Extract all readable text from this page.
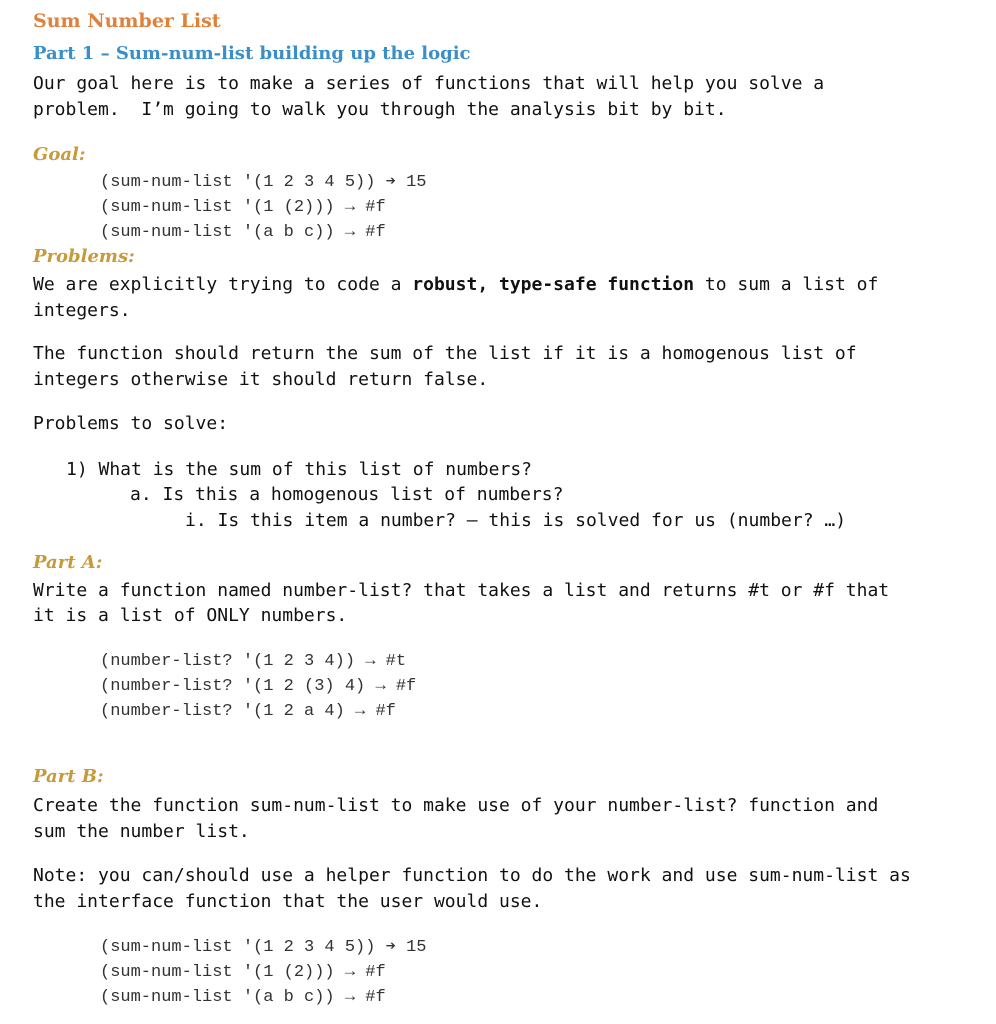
Sum Number List
Part 1 – Sum-num-list building up the logic
Our goal here is to make a series of functions that will help you solve a
problem.  I’m going to walk you through the analysis bit by bit.
Goal:
(sum-num-list '(1 2 3 4 5)) ➔ 15
(sum-num-list '(1 (2))) → #f
(sum-num-list '(a b c)) → #f
Problems:
We are explicitly trying to code a robust, type-safe function to sum a list of
integers.
The function should return the sum of the list if it is a homogenous list of
integers otherwise it should return false.
Problems to solve:
1) What is the sum of this list of numbers?
a. Is this a homogenous list of numbers?
i. Is this item a number? – this is solved for us (number? …)
Part A:
Write a function named number-list? that takes a list and returns #t or #f that
it is a list of ONLY numbers.
(number-list? '(1 2 3 4)) → #t
(number-list? '(1 2 (3) 4) → #f
(number-list? '(1 2 a 4) → #f
Part B:
Create the function sum-num-list to make use of your number-list? function and
sum the number list.
Note: you can/should use a helper function to do the work and use sum-num-list as
the interface function that the user would use.
(sum-num-list '(1 2 3 4 5)) ➔ 15
(sum-num-list '(1 (2))) → #f
(sum-num-list '(a b c)) → #f
